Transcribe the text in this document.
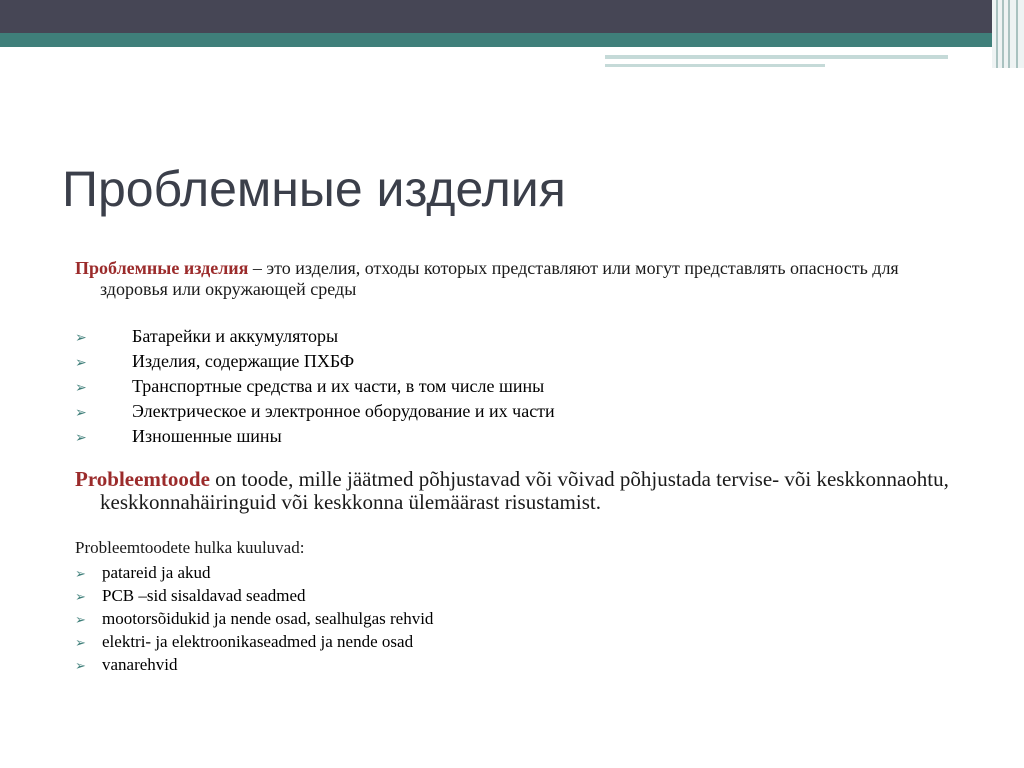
Проблемные изделия

Проблемные изделия – это изделия, отходы которых представляют или могут представлять опасность для здоровья или окружающей среды

➢	Батарейки и аккумуляторы
➢	Изделия, содержащие ПХБФ
➢	Транспортные средства и их части, в том числе шины
➢	Электрическое и электронное оборудование и их части
➢	Изношенные шины

Probleemtoode on toode, mille jäätmed põhjustavad või võivad põhjustada tervise- või keskkonnaohtu, keskkonnahäiringuid või keskkonna ülemäärast risustamist.

Probleemtoodete hulka kuuluvad:

➢ patareid ja akud
➢ PCB –sid sisaldavad seadmed
➢ mootorsõidukid ja nende osad, sealhulgas rehvid
➢ elektri- ja elektroonikaseadmed ja nende osad
➢ vanarehvid
